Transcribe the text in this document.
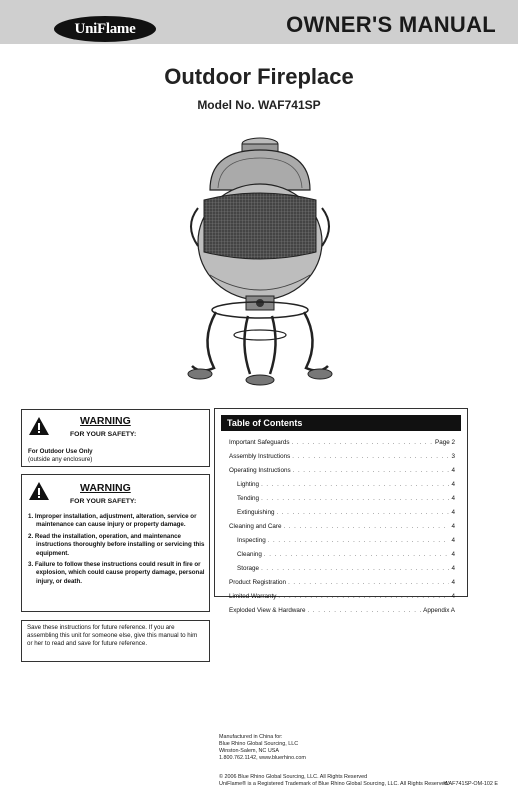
UniFlame	OWNER'S MANUAL
Outdoor Fireplace
Model No. WAF741SP
WARNING
FOR YOUR SAFETY:
For Outdoor Use Only
(outside any enclosure)
WARNING
FOR YOUR SAFETY:
1. Improper installation, adjustment, alteration, service or maintenance can cause injury or property damage.
2. Read the installation, operation, and maintenance instructions thoroughly before installing or servicing this equipment.
3. Failure to follow these instructions could result in fire or explosion, which could cause property damage, personal injury, or death.
Save these instructions for future reference. If you are assembling this unit for someone else, give this manual to him or her to read and save for future reference.
Table of Contents
Important Safeguards . . .	Page 2
Assembly Instructions . . .	3
Operating Instructions . . .	4
Lighting . . .	4
Tending . . .	4
Extinguishing . . .	4
Cleaning and Care . . .	4
Inspecting . . .	4
Cleaning . . .	4
Storage . . .	4
Product Registration . . .	4
Limited Warranty . . .	4
Exploded View & Hardware . . .	Appendix A
Manufactured in China for:
Blue Rhino Global Sourcing, LLC
Winston-Salem, NC USA
1.800.762.1142, www.bluerhino.com
© 2006 Blue Rhino Global Sourcing, LLC. All Rights Reserved
UniFlame® is a Registered Trademark of Blue Rhino Global Sourcing, LLC. All Rights Reserved.
WAF741SP-OM-102 E
